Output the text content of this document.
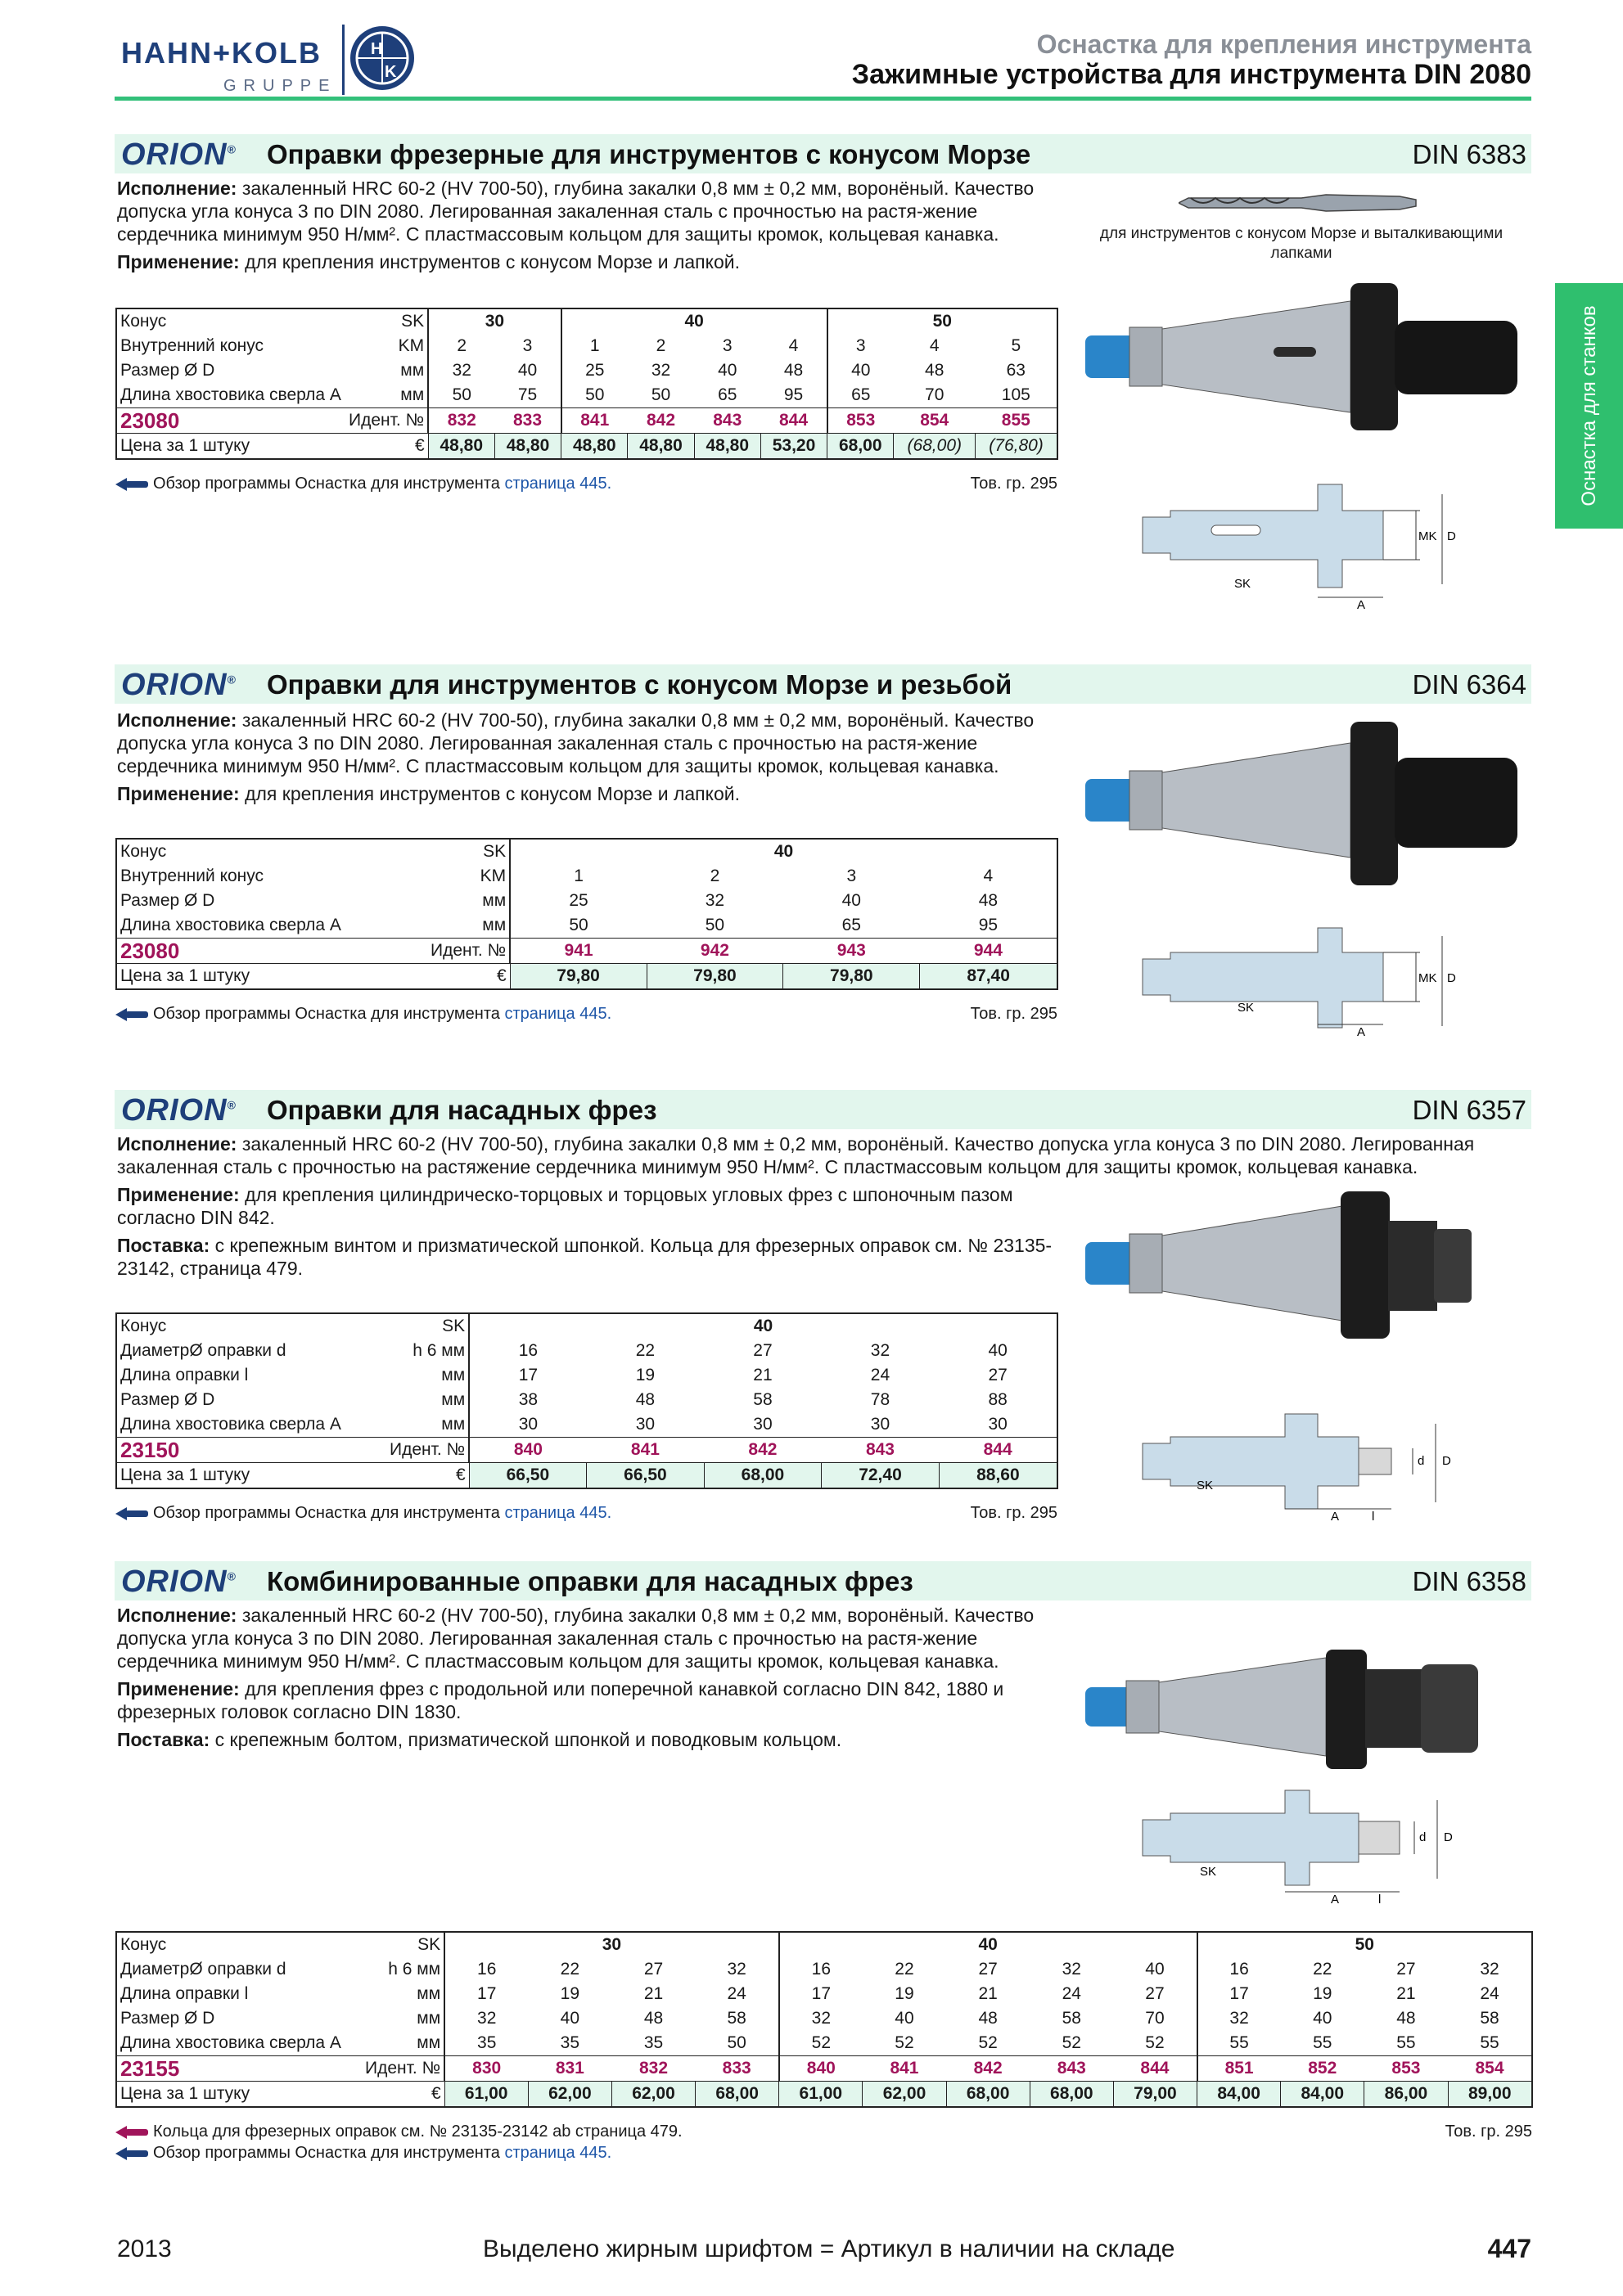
HAHN+KOLB
GRUPPE
H
K
Оснастка для крепления инструмента
Зажимные устройства для инструмента DIN 2080
Оснастка для станков
ORION® Оправки фрезерные для инструментов с конусом Морзе	DIN 6383

Исполнение: закаленный HRC 60-2 (HV 700-50), глубина закалки 0,8 мм ± 0,2 мм, воронёный. Качество допуска угла конуса 3 по DIN 2080. Легированная закаленная сталь с прочностью на растя-жение сердечника минимум 950 Н/мм². С пластмассовым кольцом для защиты кромок, кольцевая канавка.

Применение: для крепления инструментов с конусом Морзе и лапкой.

для инструментов с конусом Морзе и выталкивающими лапками
Конус	SK	30		40				50		
Внутренний конус	KM	2	3	1	2	3	4	3	4	5
Размер Ø D	мм	32	40	25	32	40	48	40	48	63
Длина хвостовика сверла A	мм	50	75	50	50	65	95	65	70	105
23080	Идент. №	832	833	841	842	843	844	853	854	855
Цена за 1 штуку	€	48,80	48,80	48,80	48,80	48,80	53,20	68,00	(68,00)	(76,80)
Обзор программы Оснастка для инструмента страница 445.	Тов. гр. 295
MK D
SK
A
ORION® Оправки для инструментов с конусом Морзе и резьбой	DIN 6364

Исполнение: закаленный HRC 60-2 (HV 700-50), глубина закалки 0,8 мм ± 0,2 мм, воронёный. Качество допуска угла конуса 3 по DIN 2080. Легированная закаленная сталь с прочностью на растя-жение сердечника минимум 950 Н/мм². С пластмассовым кольцом для защиты кромок, кольцевая канавка.

Применение: для крепления инструментов с конусом Морзе и лапкой.

Конус	SK	40			
Внутренний конус	KM	1	2	3	4
Размер Ø D	мм	25	32	40	48
Длина хвостовика сверла A	мм	50	50	65	95
23080	Идент. №	941	942	943	944
Цена за 1 штуку	€	79,80	79,80	79,80	87,40
Обзор программы Оснастка для инструмента страница 445.	Тов. гр. 295
MK D
SK
A
ORION® Оправки для насадных фрез	DIN 6357

Исполнение: закаленный HRC 60-2 (HV 700-50), глубина закалки 0,8 мм ± 0,2 мм, воронёный. Качество допуска угла конуса 3 по DIN 2080. Легированная закаленная сталь с прочностью на растяжение сердечника минимум 950 Н/мм². С пластмассовым кольцом для защиты кромок, кольцевая канавка.

Применение: для крепления цилиндрическо-торцовых и торцовых угловых фрез с шпоночным пазом согласно DIN 842.

Поставка: с крепежным винтом и призматической шпонкой. Кольца для фрезерных оправок см. № 23135-23142, страница 479.

Конус	SK	40				
ДиаметрØ оправки d	h 6 мм	16	22	27	32	40
Длина оправки l	мм	17	19	21	24	27
Размер Ø D	мм	38	48	58	78	88
Длина хвостовика сверла A	мм	30	30	30	30	30
23150	Идент. №	840	841	842	843	844
Цена за 1 штуку	€	66,50	66,50	68,00	72,40	88,60
Обзор программы Оснастка для инструмента страница 445.	Тов. гр. 295
d D
SK
A	l
ORION® Комбинированные оправки для насадных фрез	DIN 6358

Исполнение: закаленный HRC 60-2 (HV 700-50), глубина закалки 0,8 мм ± 0,2 мм, воронёный. Качество допуска угла конуса 3 по DIN 2080. Легированная закаленная сталь с прочностью на растя-жение сердечника минимум 950 Н/мм². С пластмассовым кольцом для защиты кромок, кольцевая канавка.

Применение: для крепления фрез с продольной или поперечной канавкой согласно DIN 842, 1880 и фрезерных головок согласно DIN 1830.

Поставка: с крепежным болтом, призматической шпонкой и поводковым кольцом.

d D
SK
A	l
Конус	SK	30				40					50			
ДиаметрØ оправки d	h 6 мм	16	22	27	32	16	22	27	32	40	16	22	27	32
Длина оправки l	мм	17	19	21	24	17	19	21	24	27	17	19	21	24
Размер Ø D	мм	32	40	48	58	32	40	48	58	70	32	40	48	58
Длина хвостовика сверла A	мм	35	35	35	50	52	52	52	52	52	55	55	55	55
23155	Идент. №	830	831	832	833	840	841	842	843	844	851	852	853	854
Цена за 1 штуку	€	61,00	62,00	62,00	68,00	61,00	62,00	68,00	68,00	79,00	84,00	84,00	86,00	89,00
Кольца для фрезерных оправок см. № 23135-23142 ab страница 479.	Тов. гр. 295
Обзор программы Оснастка для инструмента страница 445.
2013	Выделено жирным шрифтом = Артикул в наличии на складе	447
